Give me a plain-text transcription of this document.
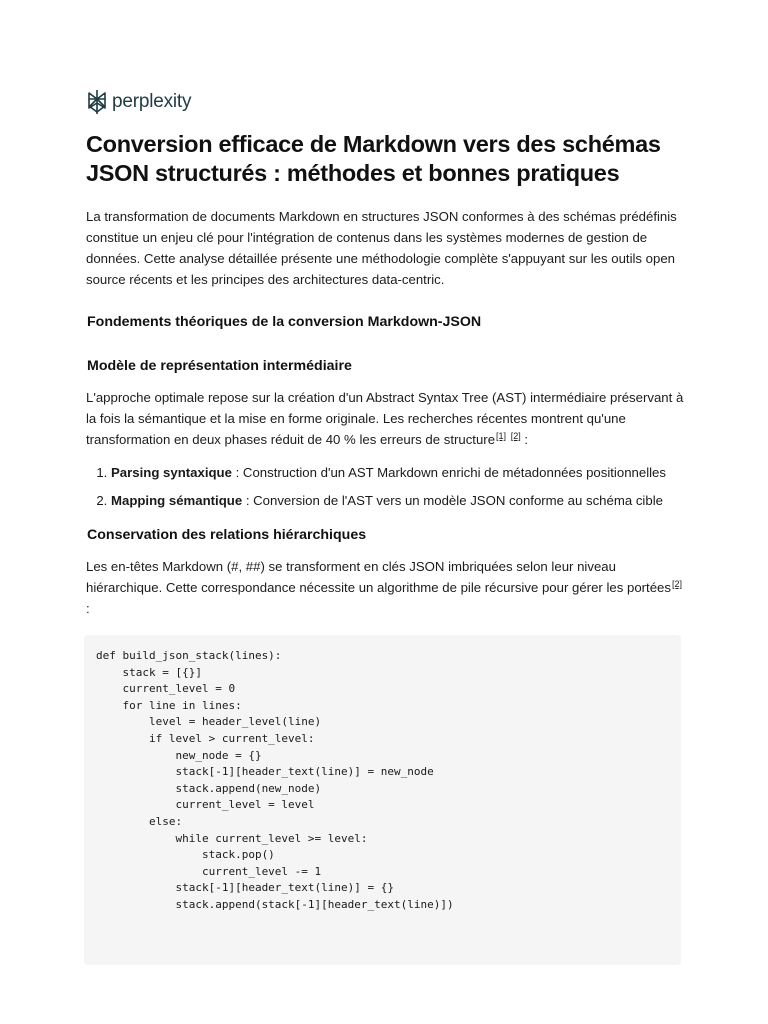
perplexity
Conversion efficace de Markdown vers des schémas JSON structurés : méthodes et bonnes pratiques

La transformation de documents Markdown en structures JSON conformes à des schémas prédéfinis constitue un enjeu clé pour l'intégration de contenus dans les systèmes modernes de gestion de données. Cette analyse détaillée présente une méthodologie complète s'appuyant sur les outils open source récents et les principes des architectures data-centric.

Fondements théoriques de la conversion Markdown-JSON
Modèle de représentation intermédiaire

L'approche optimale repose sur la création d'un Abstract Syntax Tree (AST) intermédiaire préservant à la fois la sémantique et la mise en forme originale. Les recherches récentes montrent qu'une transformation en deux phases réduit de 40 % les erreurs de structure[1] [2] :

1. Parsing syntaxique : Construction d'un AST Markdown enrichi de métadonnées positionnelles
2. Mapping sémantique : Conversion de l'AST vers un modèle JSON conforme au schéma cible
Conservation des relations hiérarchiques

Les en-têtes Markdown (#, ##) se transforment en clés JSON imbriquées selon leur niveau hiérarchique. Cette correspondance nécessite un algorithme de pile récursive pour gérer les portées[2] :

def build_json_stack(lines):
stack = [{}]
current_level = 0
for line in lines:
level = header_level(line)
if level > current_level:
new_node = {}
stack[-1][header_text(line)] = new_node
stack.append(new_node)
current_level = level
else:
while current_level >= level:
stack.pop()
current_level -= 1
stack[-1][header_text(line)] = {}
stack.append(stack[-1][header_text(line)])
